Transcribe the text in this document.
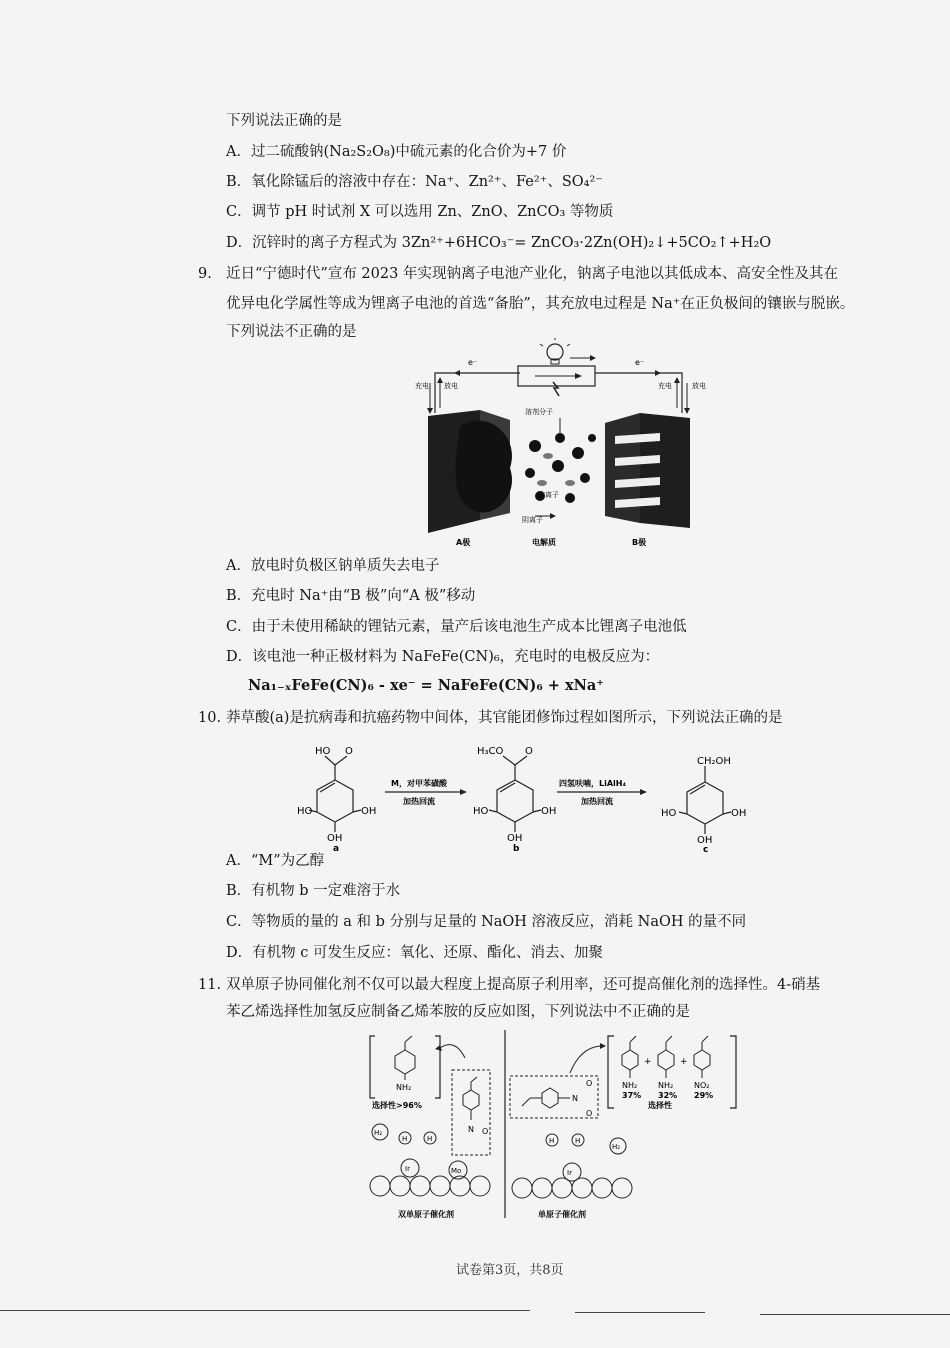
下列说法正确的是
A．过二硫酸钠(Na₂S₂O₈)中硫元素的化合价为+7 价
B．氧化除锰后的溶液中存在：Na⁺、Zn²⁺、Fe²⁺、SO₄²⁻
C．调节 pH 时试剂 X 可以选用 Zn、ZnO、ZnCO₃ 等物质
D．沉锌时的离子方程式为 3Zn²⁺+6HCO₃⁻= ZnCO₃·2Zn(OH)₂↓+5CO₂↑+H₂O
9. 近日“宁德时代”宣布 2023 年实现钠离子电池产业化，钠离子电池以其低成本、高安全性及其在
优异电化学属性等成为锂离子电池的首选“备胎”，其充放电过程是 Na⁺在正负极间的镶嵌与脱嵌。
下列说法不正确的是
e⁻	e⁻
充电 放电	充电	放电
溶剂分子
钠离子
阴离子
A极	电解质	B极
A．放电时负极区钠单质失去电子
B．充电时 Na⁺由“B 极”向“A 极”移动
C．由于未使用稀缺的锂钴元素，量产后该电池生产成本比锂离子电池低
D．该电池一种正极材料为 NaFeFe(CN)₆，充电时的电极反应为：
Na₁₋ₓFeFe(CN)₆ - xe⁻ = NaFeFe(CN)₆ + xNa⁺
10. 莽草酸(a)是抗病毒和抗癌药物中间体，其官能团修饰过程如图所示，下列说法正确的是
HO O
HO	OH
OH
a
M，对甲苯磺酸
加热回流
H₃CO O
HO	OH
OH
b
四氢呋喃，LiAlH₄
加热回流
CH₂OH
HO	OH
OH
c
A．“M”为乙醇
B．有机物 b 一定难溶于水
C．等物质的量的 a 和 b 分别与足量的 NaOH 溶液反应，消耗 NaOH 的量不同
D．有机物 c 可发生反应：氧化、还原、酯化、消去、加聚
11. 双单原子协同催化剂不仅可以最大程度上提高原子利用率，还可提高催化剂的选择性。4-硝基
苯乙烯选择性加氢反应制备乙烯苯胺的反应如图，下列说法中不正确的是
NH₂
选择性>96%
N O
H₂
H	H
Ir	Mo
双单原子催化剂
N
O
O
+	+
NH₂	NH₂	NO₂
37% 32% 29%
选择性
H	H
H₂
Ir
单原子催化剂
试卷第3页，共8页
